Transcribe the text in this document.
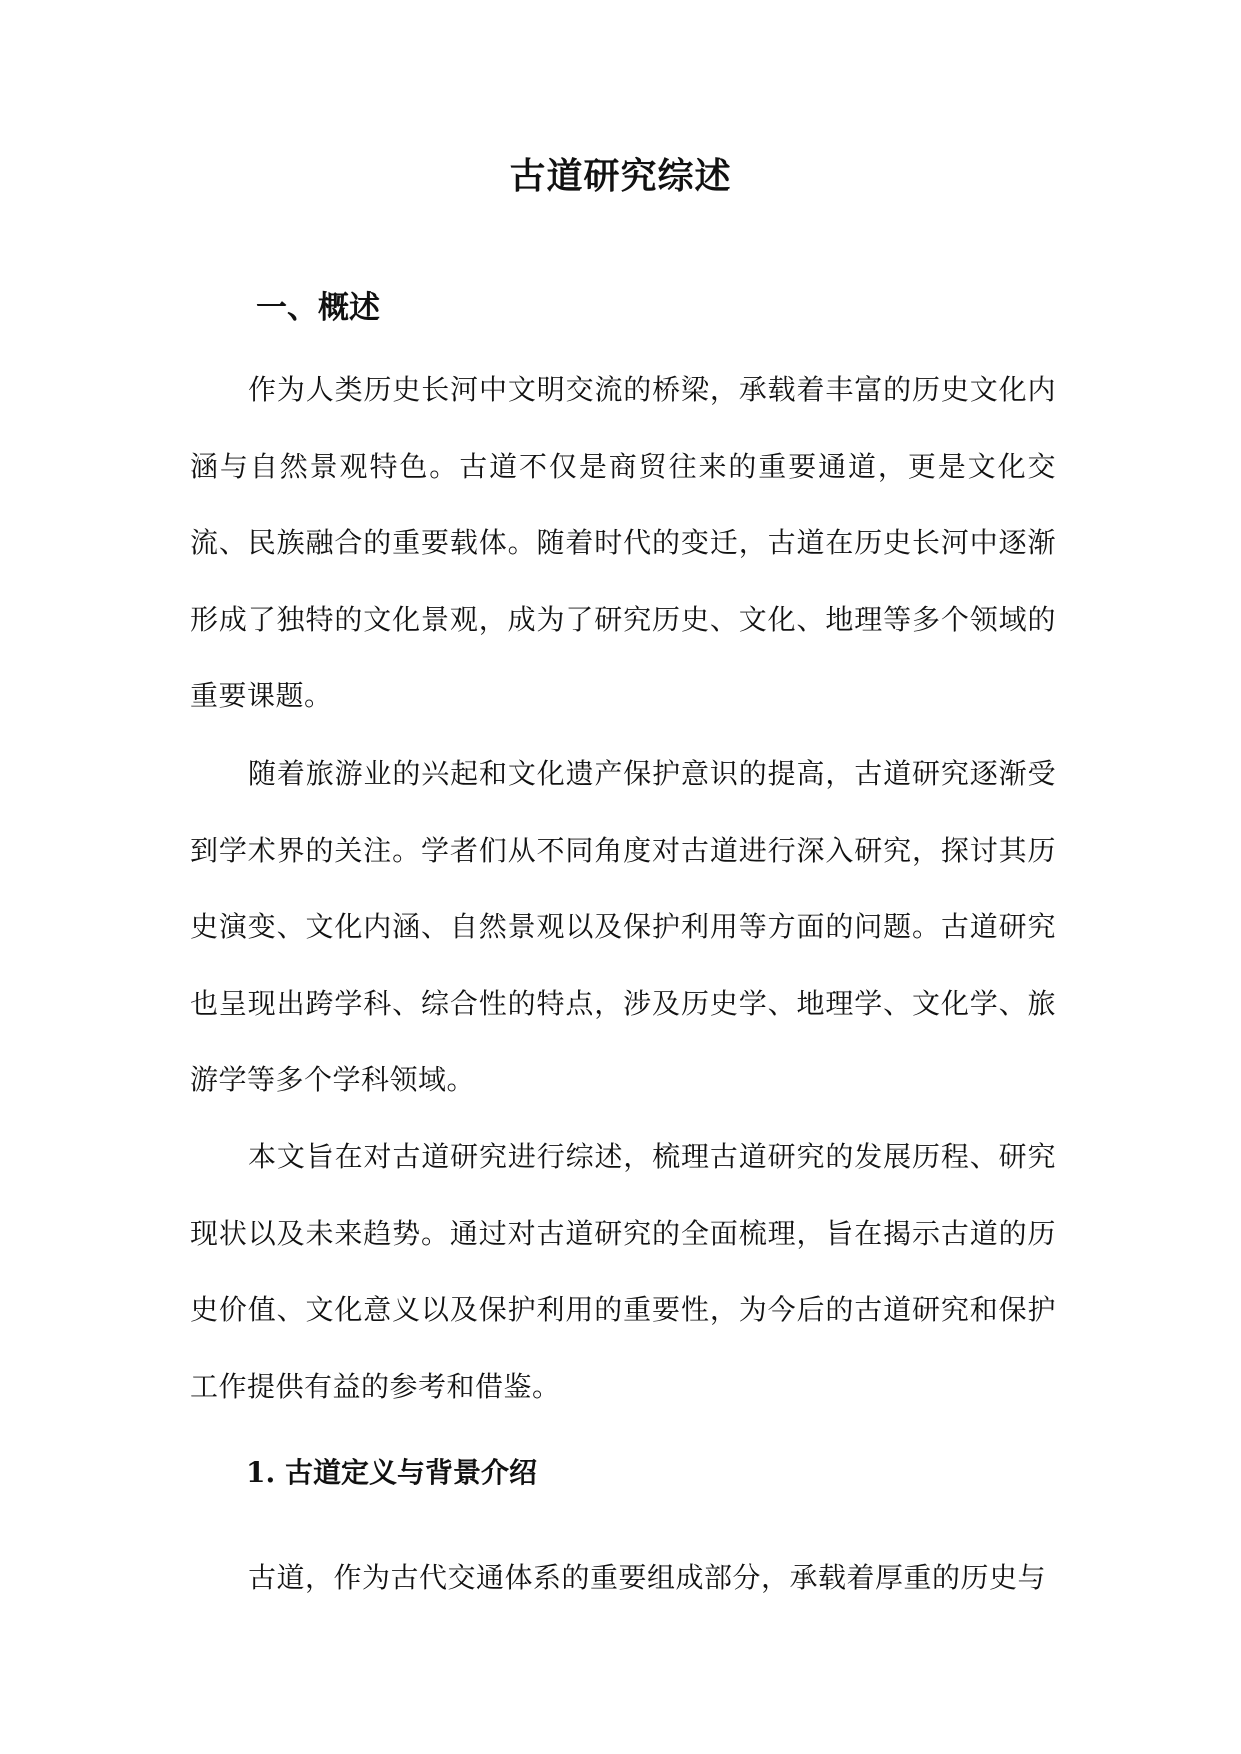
古道研究综述
一、概述

作为人类历史长河中文明交流的桥梁，承载着丰富的历史文化内涵与自然景观特色。古道不仅是商贸往来的重要通道，更是文化交流、民族融合的重要载体。随着时代的变迁，古道在历史长河中逐渐形成了独特的文化景观，成为了研究历史、文化、地理等多个领域的重要课题。

随着旅游业的兴起和文化遗产保护意识的提高，古道研究逐渐受到学术界的关注。学者们从不同角度对古道进行深入研究，探讨其历史演变、文化内涵、自然景观以及保护利用等方面的问题。古道研究也呈现出跨学科、综合性的特点，涉及历史学、地理学、文化学、旅游学等多个学科领域。

本文旨在对古道研究进行综述，梳理古道研究的发展历程、研究现状以及未来趋势。通过对古道研究的全面梳理，旨在揭示古道的历史价值、文化意义以及保护利用的重要性，为今后的古道研究和保护工作提供有益的参考和借鉴。

1. 古道定义与背景介绍

古道，作为古代交通体系的重要组成部分，承载着厚重的历史与
